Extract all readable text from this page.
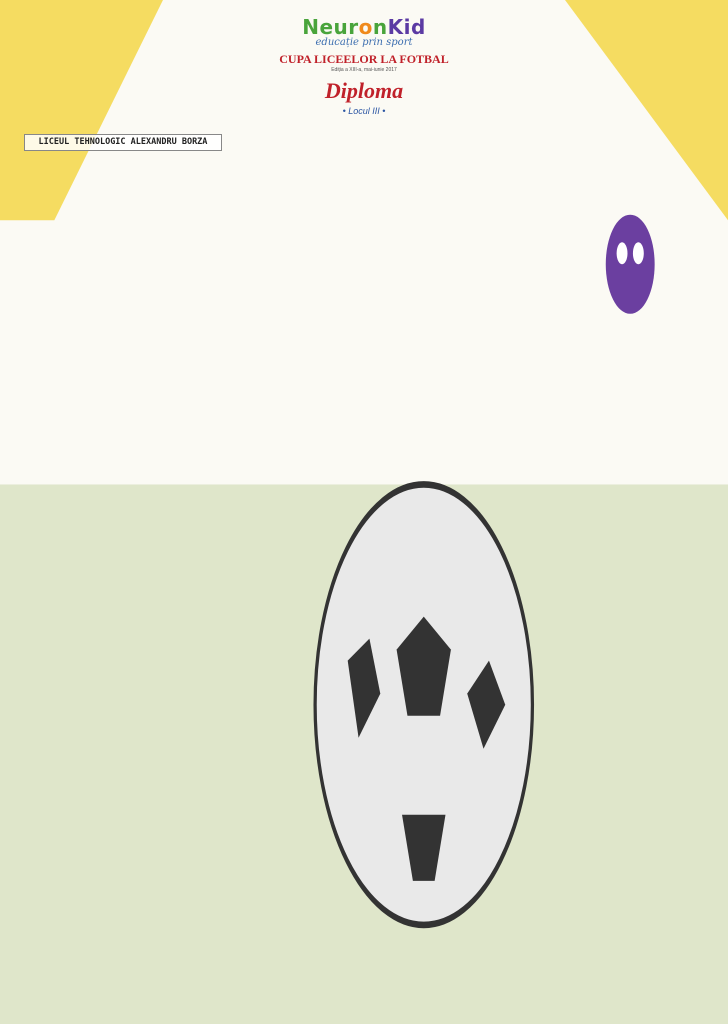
NeuronKid
educație prin sport
CUPA LICEELOR LA FOTBAL
Ediția a XIII-a, mai-iunie 2017
Diploma
• Locul III •
LICEUL TEHNOLOGIC ALEXANDRU BORZA
